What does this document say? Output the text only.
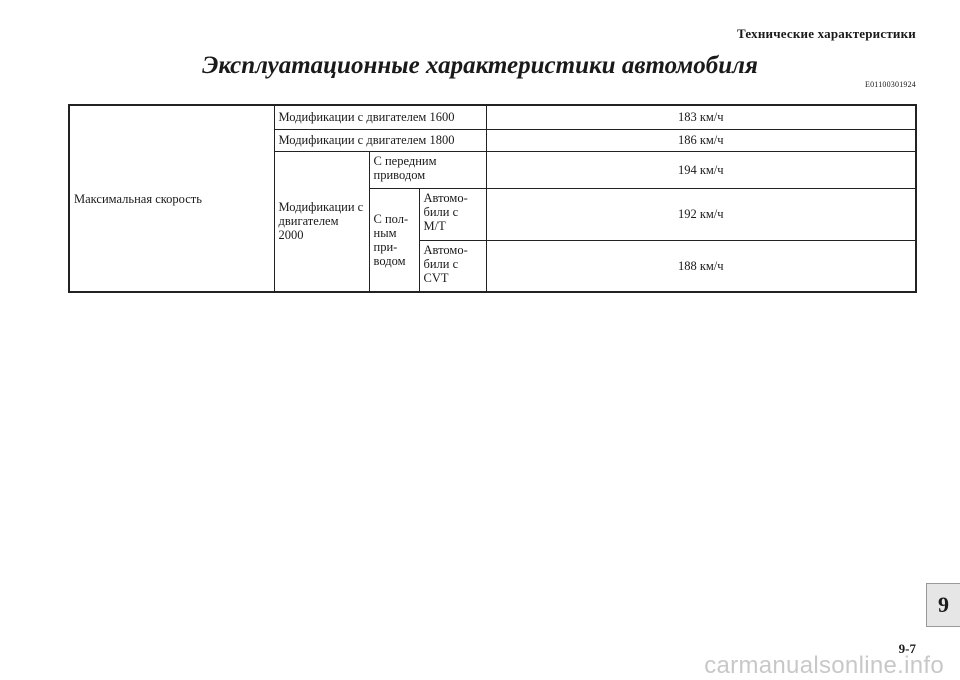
Технические характеристики
Эксплуатационные характеристики автомобиля
E01100301924
Максимальная скорость	Модификации с двигателем 1600			183 км/ч
	Модификации с двигателем 1800			186 км/ч
	Модификации с двигателем 2000	С передним приводом		194 км/ч
		С пол- ным при- водом	Автомо- били с M/T	192 км/ч
			Автомо- били с CVT	188 км/ч
9
9-7
carmanualsonline.info
